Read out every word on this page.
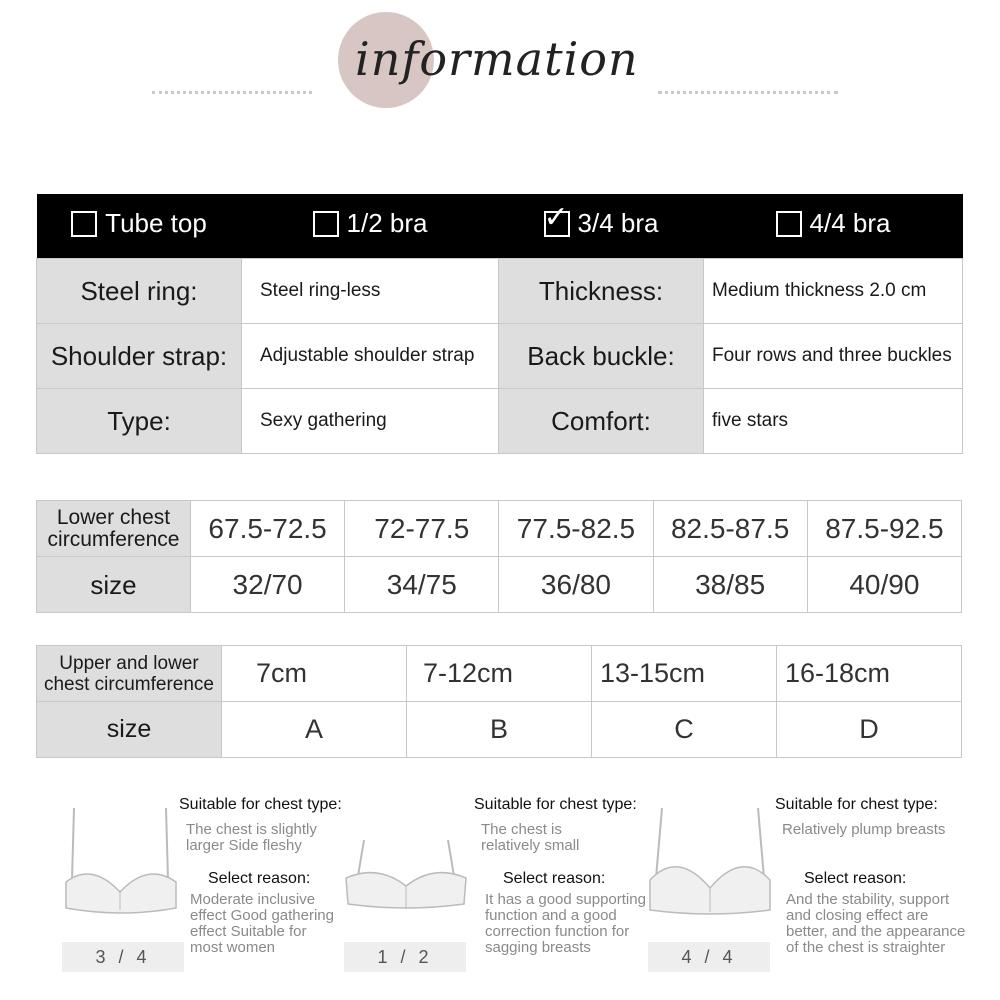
information
Tube top	1/2 bra	✓ 3/4 bra	4/4 bra

Steel ring:	Steel ring-less	Thickness:	Medium thickness 2.0 cm
Shoulder strap:	Adjustable shoulder strap	Back buckle:	Four rows and three buckles
Type:	Sexy gathering	Comfort:	five stars
Lower chest circumference	67.5-72.5	72-77.5	77.5-82.5	82.5-87.5	87.5-92.5
size	32/70	34/75	36/80	38/85	40/90
Upper and lower chest circumference	7cm	7-12cm	13-15cm	16-18cm
size	A	B	C	D
3 / 4
Suitable for chest type:
The chest is slightly
larger Side fleshy
Select reason:
Moderate inclusive
effect Good gathering
effect Suitable for
most women	1 / 2
Suitable for chest type:
The chest is
relatively small
Select reason:
It has a good supporting
function and a good
correction function for
sagging breasts	4 / 4
Suitable for chest type:
Relatively plump breasts
Select reason:
And the stability, support
and closing effect are
better, and the appearance
of the chest is straighter
